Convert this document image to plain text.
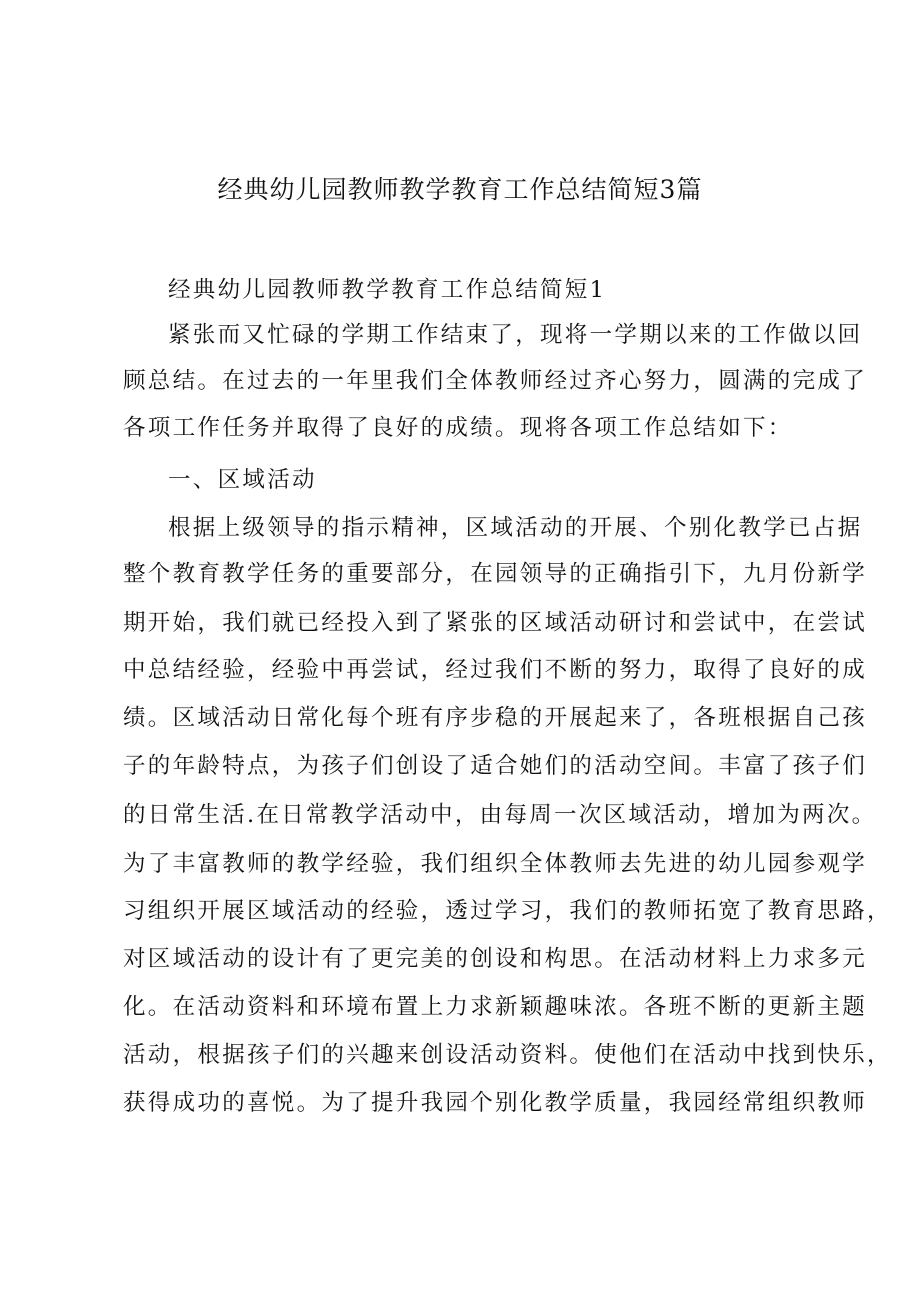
经典幼儿园教师教学教育工作总结简短3篇

经典幼儿园教师教学教育工作总结简短1

紧张而又忙碌的学期工作结束了，现将一学期以来的工作做以回

顾总结。在过去的一年里我们全体教师经过齐心努力，圆满的完成了

各项工作任务并取得了良好的成绩。现将各项工作总结如下：

一、区域活动

根据上级领导的指示精神，区域活动的开展、个别化教学已占据

整个教育教学任务的重要部分，在园领导的正确指引下，九月份新学

期开始，我们就已经投入到了紧张的区域活动研讨和尝试中，在尝试

中总结经验，经验中再尝试，经过我们不断的努力，取得了良好的成

绩。区域活动日常化每个班有序步稳的开展起来了，各班根据自己孩

子的年龄特点，为孩子们创设了适合她们的活动空间。丰富了孩子们

的日常生活.在日常教学活动中，由每周一次区域活动，增加为两次。

为了丰富教师的教学经验，我们组织全体教师去先进的幼儿园参观学

习组织开展区域活动的经验，透过学习，我们的教师拓宽了教育思路，

对区域活动的设计有了更完美的创设和构思。在活动材料上力求多元

化。在活动资料和环境布置上力求新颖趣味浓。各班不断的更新主题

活动，根据孩子们的兴趣来创设活动资料。使他们在活动中找到快乐，

获得成功的喜悦。为了提升我园个别化教学质量，我园经常组织教师
